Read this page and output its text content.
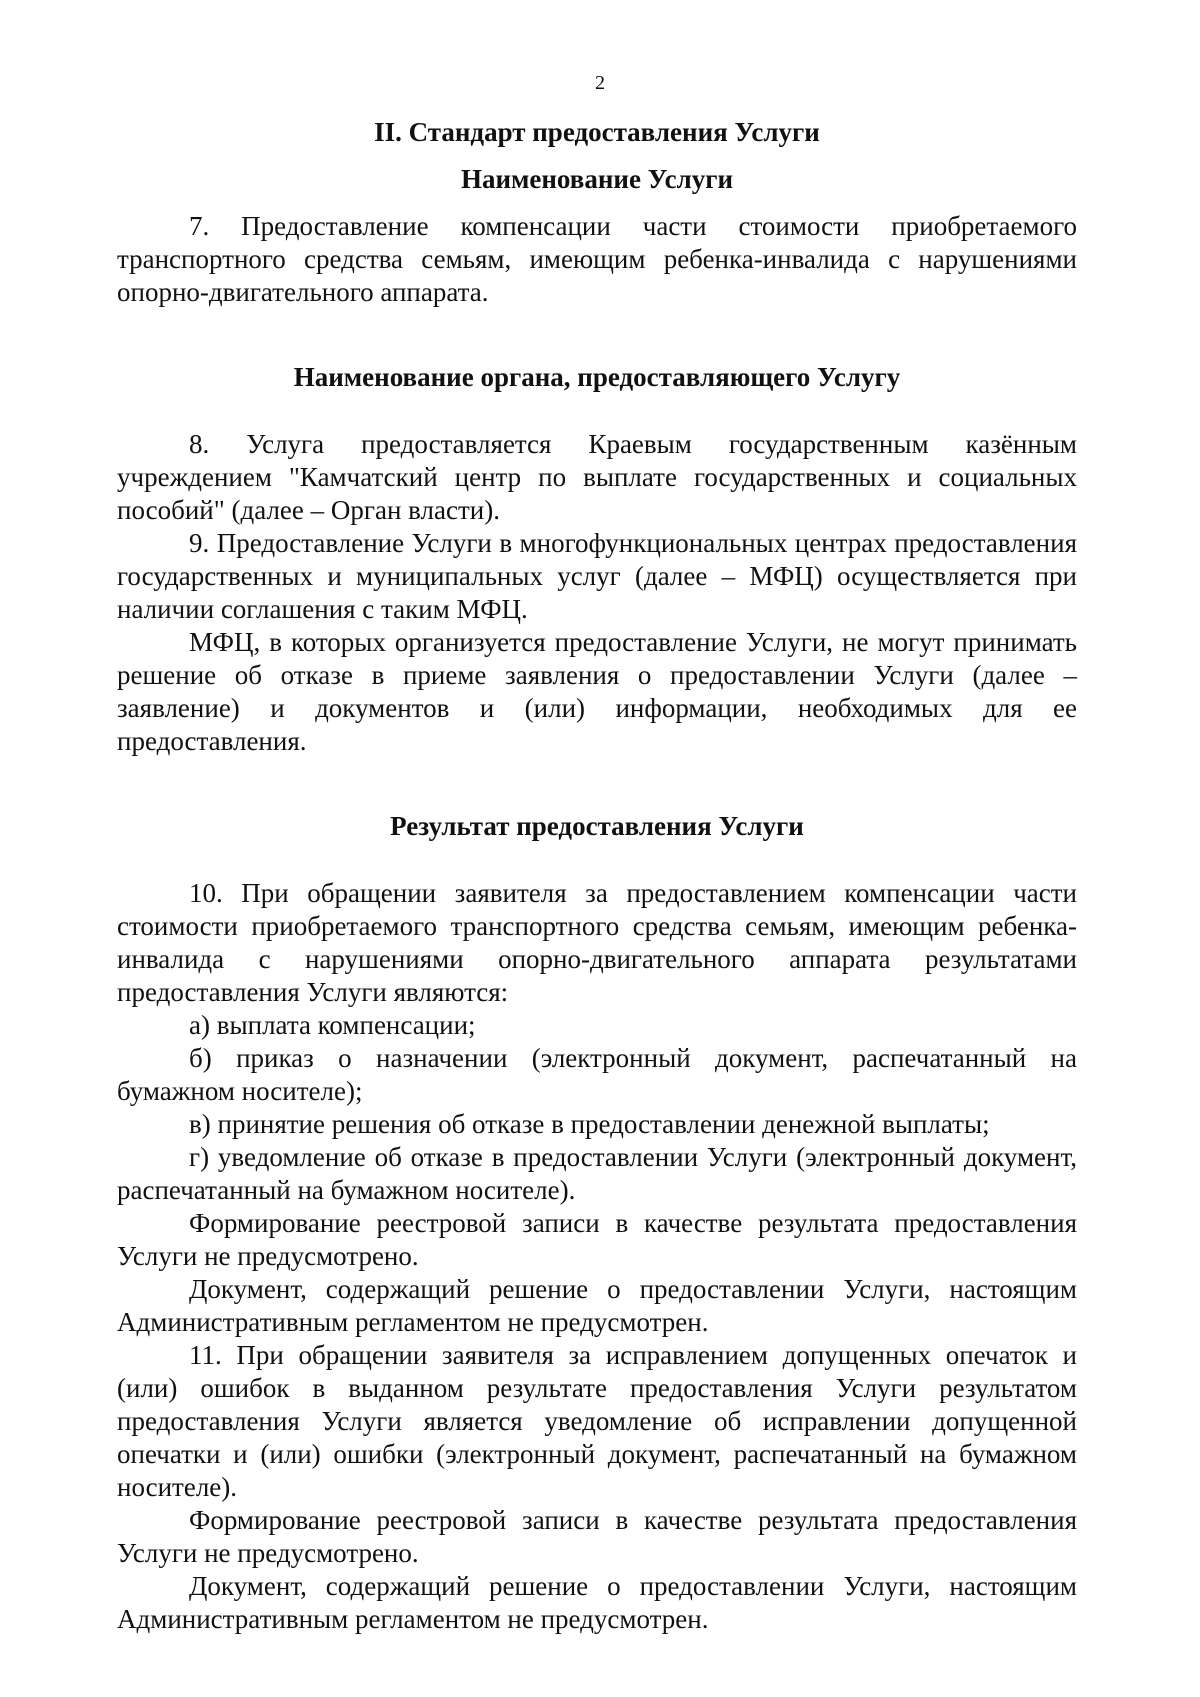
2

II. Стандарт предоставления Услуги

Наименование Услуги

7. Предоставление компенсации части стоимости приобретаемого транспортного средства семьям, имеющим ребенка-инвалида с нарушениями опорно-двигательного аппарата.

Наименование органа, предоставляющего Услугу

8. Услуга предоставляется Краевым государственным казённым учреждением "Камчатский центр по выплате государственных и социальных пособий" (далее – Орган власти).

9. Предоставление Услуги в многофункциональных центрах предоставления государственных и муниципальных услуг (далее – МФЦ) осуществляется при наличии соглашения с таким МФЦ.

МФЦ, в которых организуется предоставление Услуги, не могут принимать решение об отказе в приеме заявления о предоставлении Услуги (далее – заявление) и документов и (или) информации, необходимых для ее предоставления.

Результат предоставления Услуги

10. При обращении заявителя за предоставлением компенсации части стоимости приобретаемого транспортного средства семьям, имеющим ребенка-инвалида с нарушениями опорно-двигательного аппарата результатами предоставления Услуги являются:

а) выплата компенсации;

б) приказ о назначении (электронный документ, распечатанный на бумажном носителе);

в) принятие решения об отказе в предоставлении денежной выплаты;

г) уведомление об отказе в предоставлении Услуги (электронный документ, распечатанный на бумажном носителе).

Формирование реестровой записи в качестве результата предоставления Услуги не предусмотрено.

Документ, содержащий решение о предоставлении Услуги, настоящим Административным регламентом не предусмотрен.

11. При обращении заявителя за исправлением допущенных опечаток и (или) ошибок в выданном результате предоставления Услуги результатом предоставления Услуги является уведомление об исправлении допущенной опечатки и (или) ошибки (электронный документ, распечатанный на бумажном носителе).

Формирование реестровой записи в качестве результата предоставления Услуги не предусмотрено.

Документ, содержащий решение о предоставлении Услуги, настоящим Административным регламентом не предусмотрен.
